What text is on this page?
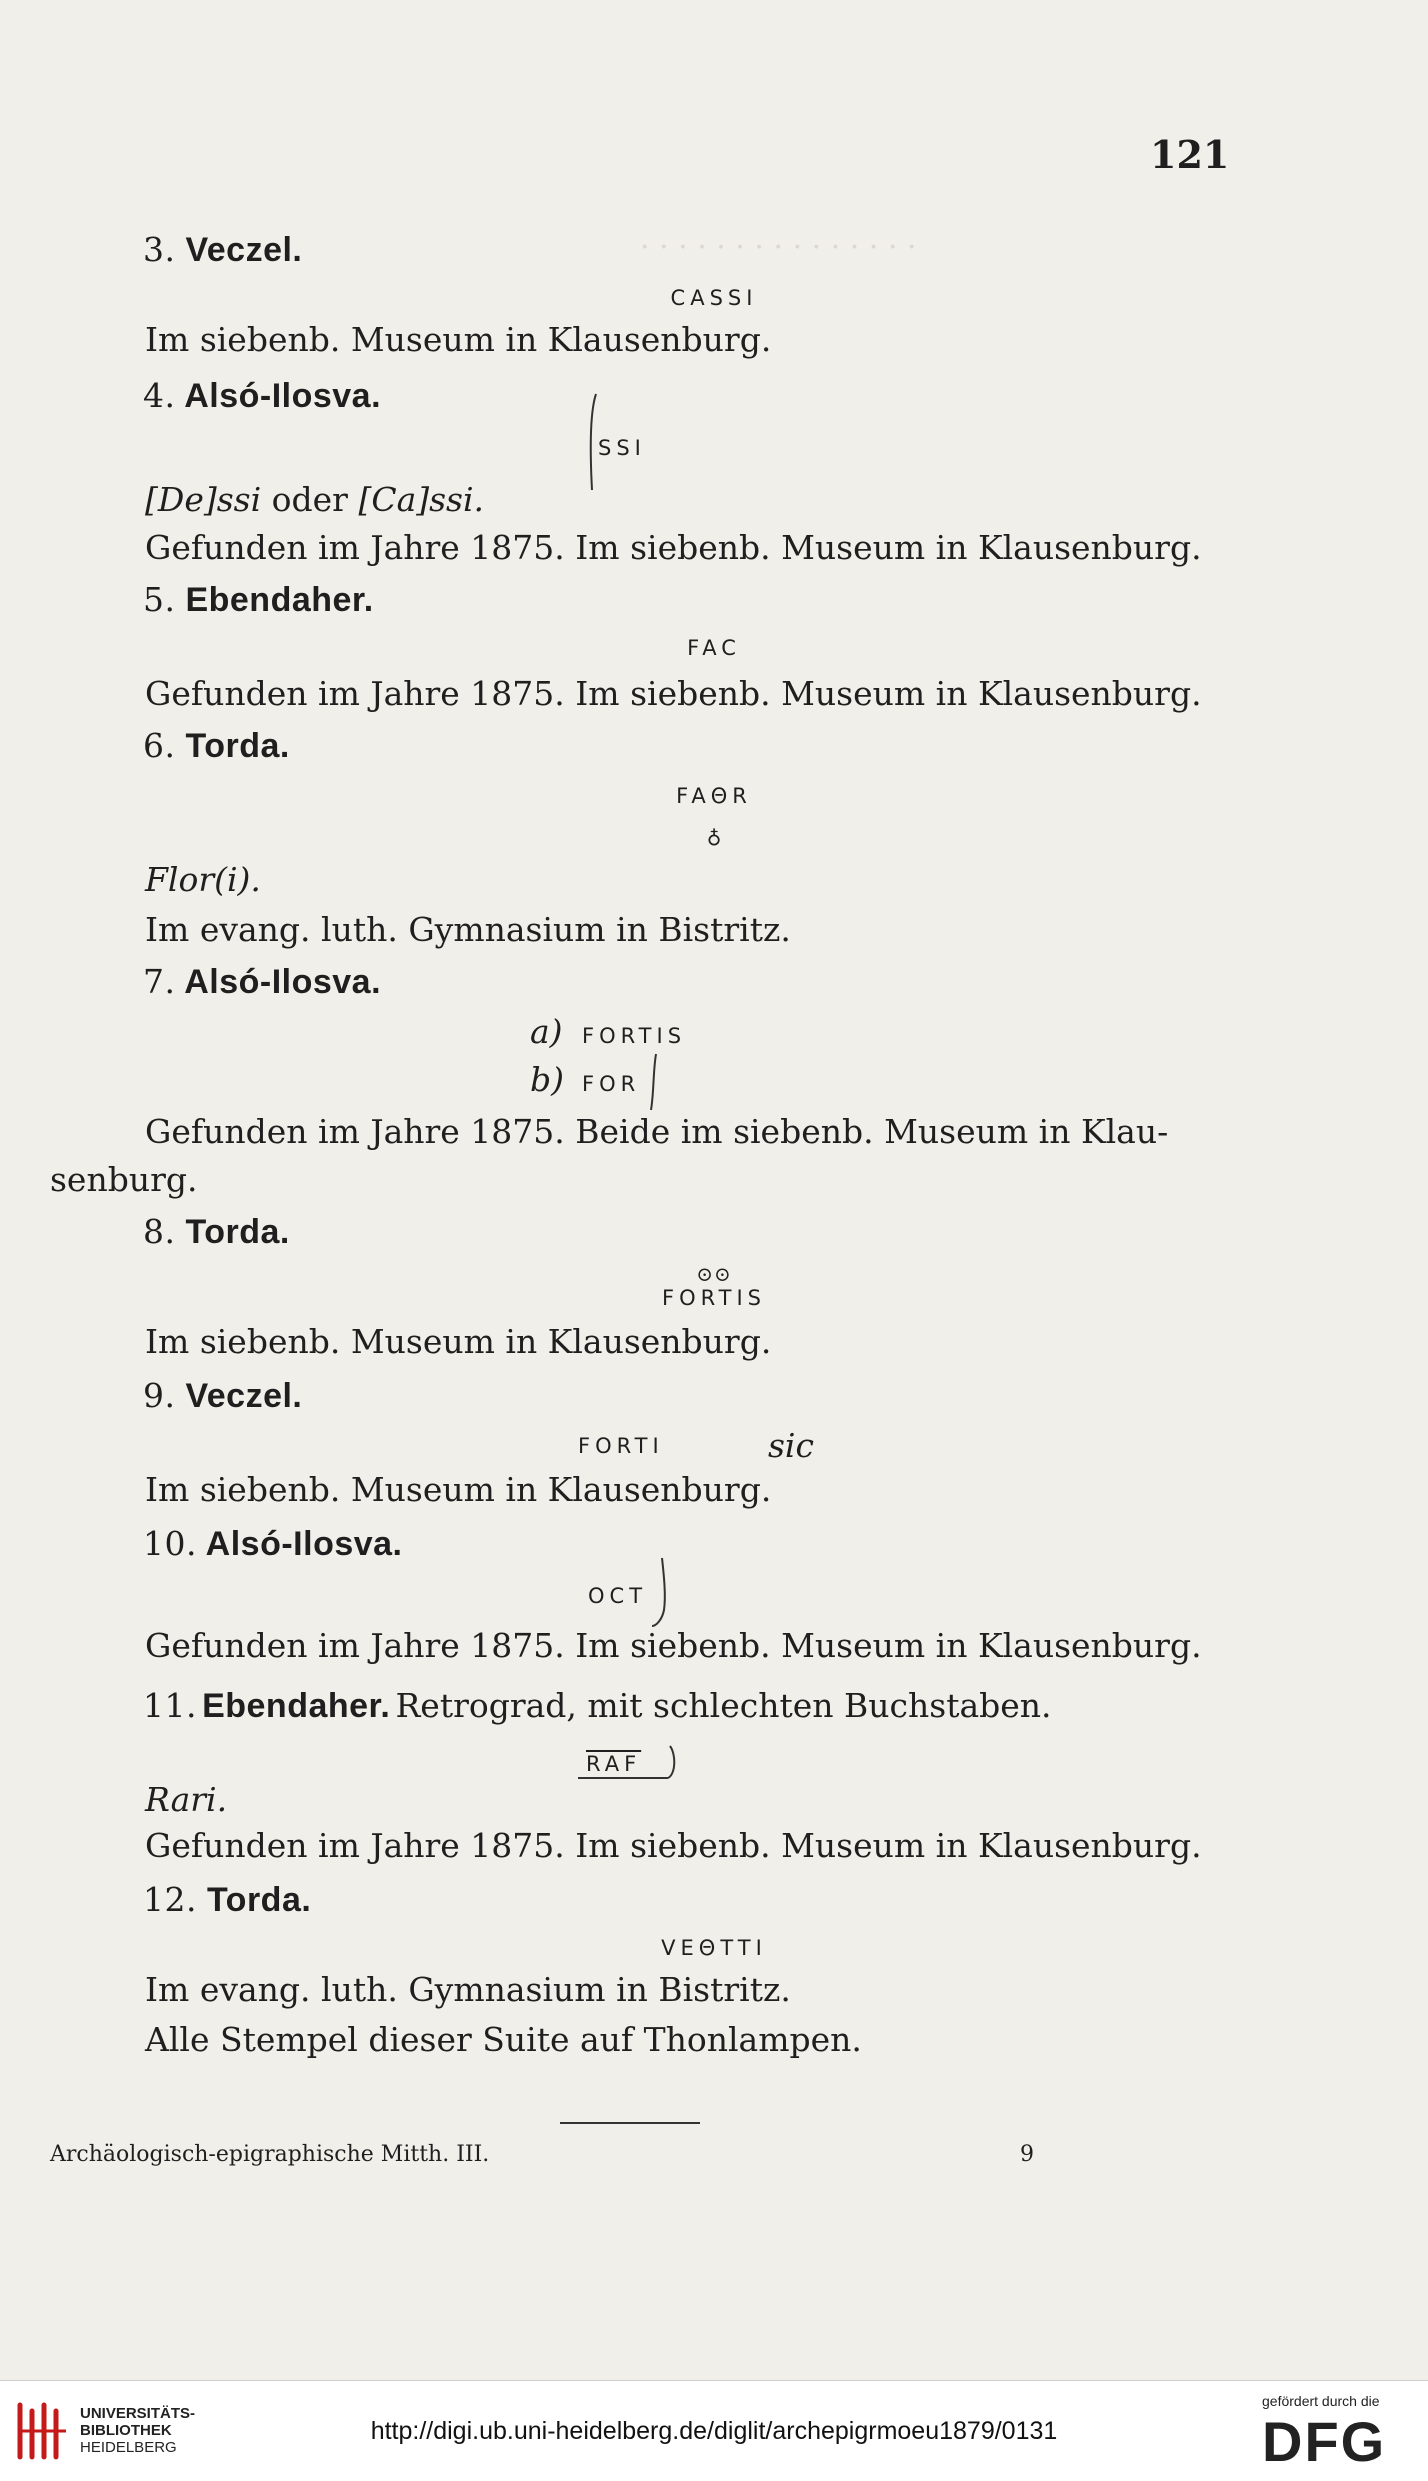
· · · · · · · · · · · · · · ·
121
3. Veczel.
CASSI
Im siebenb. Museum in Klausenburg.
4. Alsó-Ilosva.
SSI
[De]ssi oder [Ca]ssi.
Gefunden im Jahre 1875. Im siebenb. Museum in Klausenburg.
5. Ebendaher.
FAC
Gefunden im Jahre 1875. Im siebenb. Museum in Klausenburg.
6. Torda.
FAΘR
♁
Flor(i).
Im evang. luth. Gymnasium in Bistritz.
7. Alsó-Ilosva.
a) FORTIS
b) FOR
Gefunden im Jahre 1875. Beide im siebenb. Museum in Klau-
senburg.
8. Torda.
⊙⊙
FORTIS
Im siebenb. Museum in Klausenburg.
9. Veczel.
FORTI	sic
Im siebenb. Museum in Klausenburg.
10. Alsó-Ilosva.
OCT
Gefunden im Jahre 1875. Im siebenb. Museum in Klausenburg.
11. Ebendaher. Retrograd, mit schlechten Buchstaben.
$\overline{RAF}$
Rari.
Gefunden im Jahre 1875. Im siebenb. Museum in Klausenburg.
12. Torda.
VEΘTTI
Im evang. luth. Gymnasium in Bistritz.
Alle Stempel dieser Suite auf Thonlampen.
Archäologisch-epigraphische Mitth. III.	9
UNIVERSITÄTS-
BIBLIOTHEK
HEIDELBERG
http://digi.ub.uni-heidelberg.de/diglit/archepigrmoeu1879/0131
gefördert durch die
DFG
